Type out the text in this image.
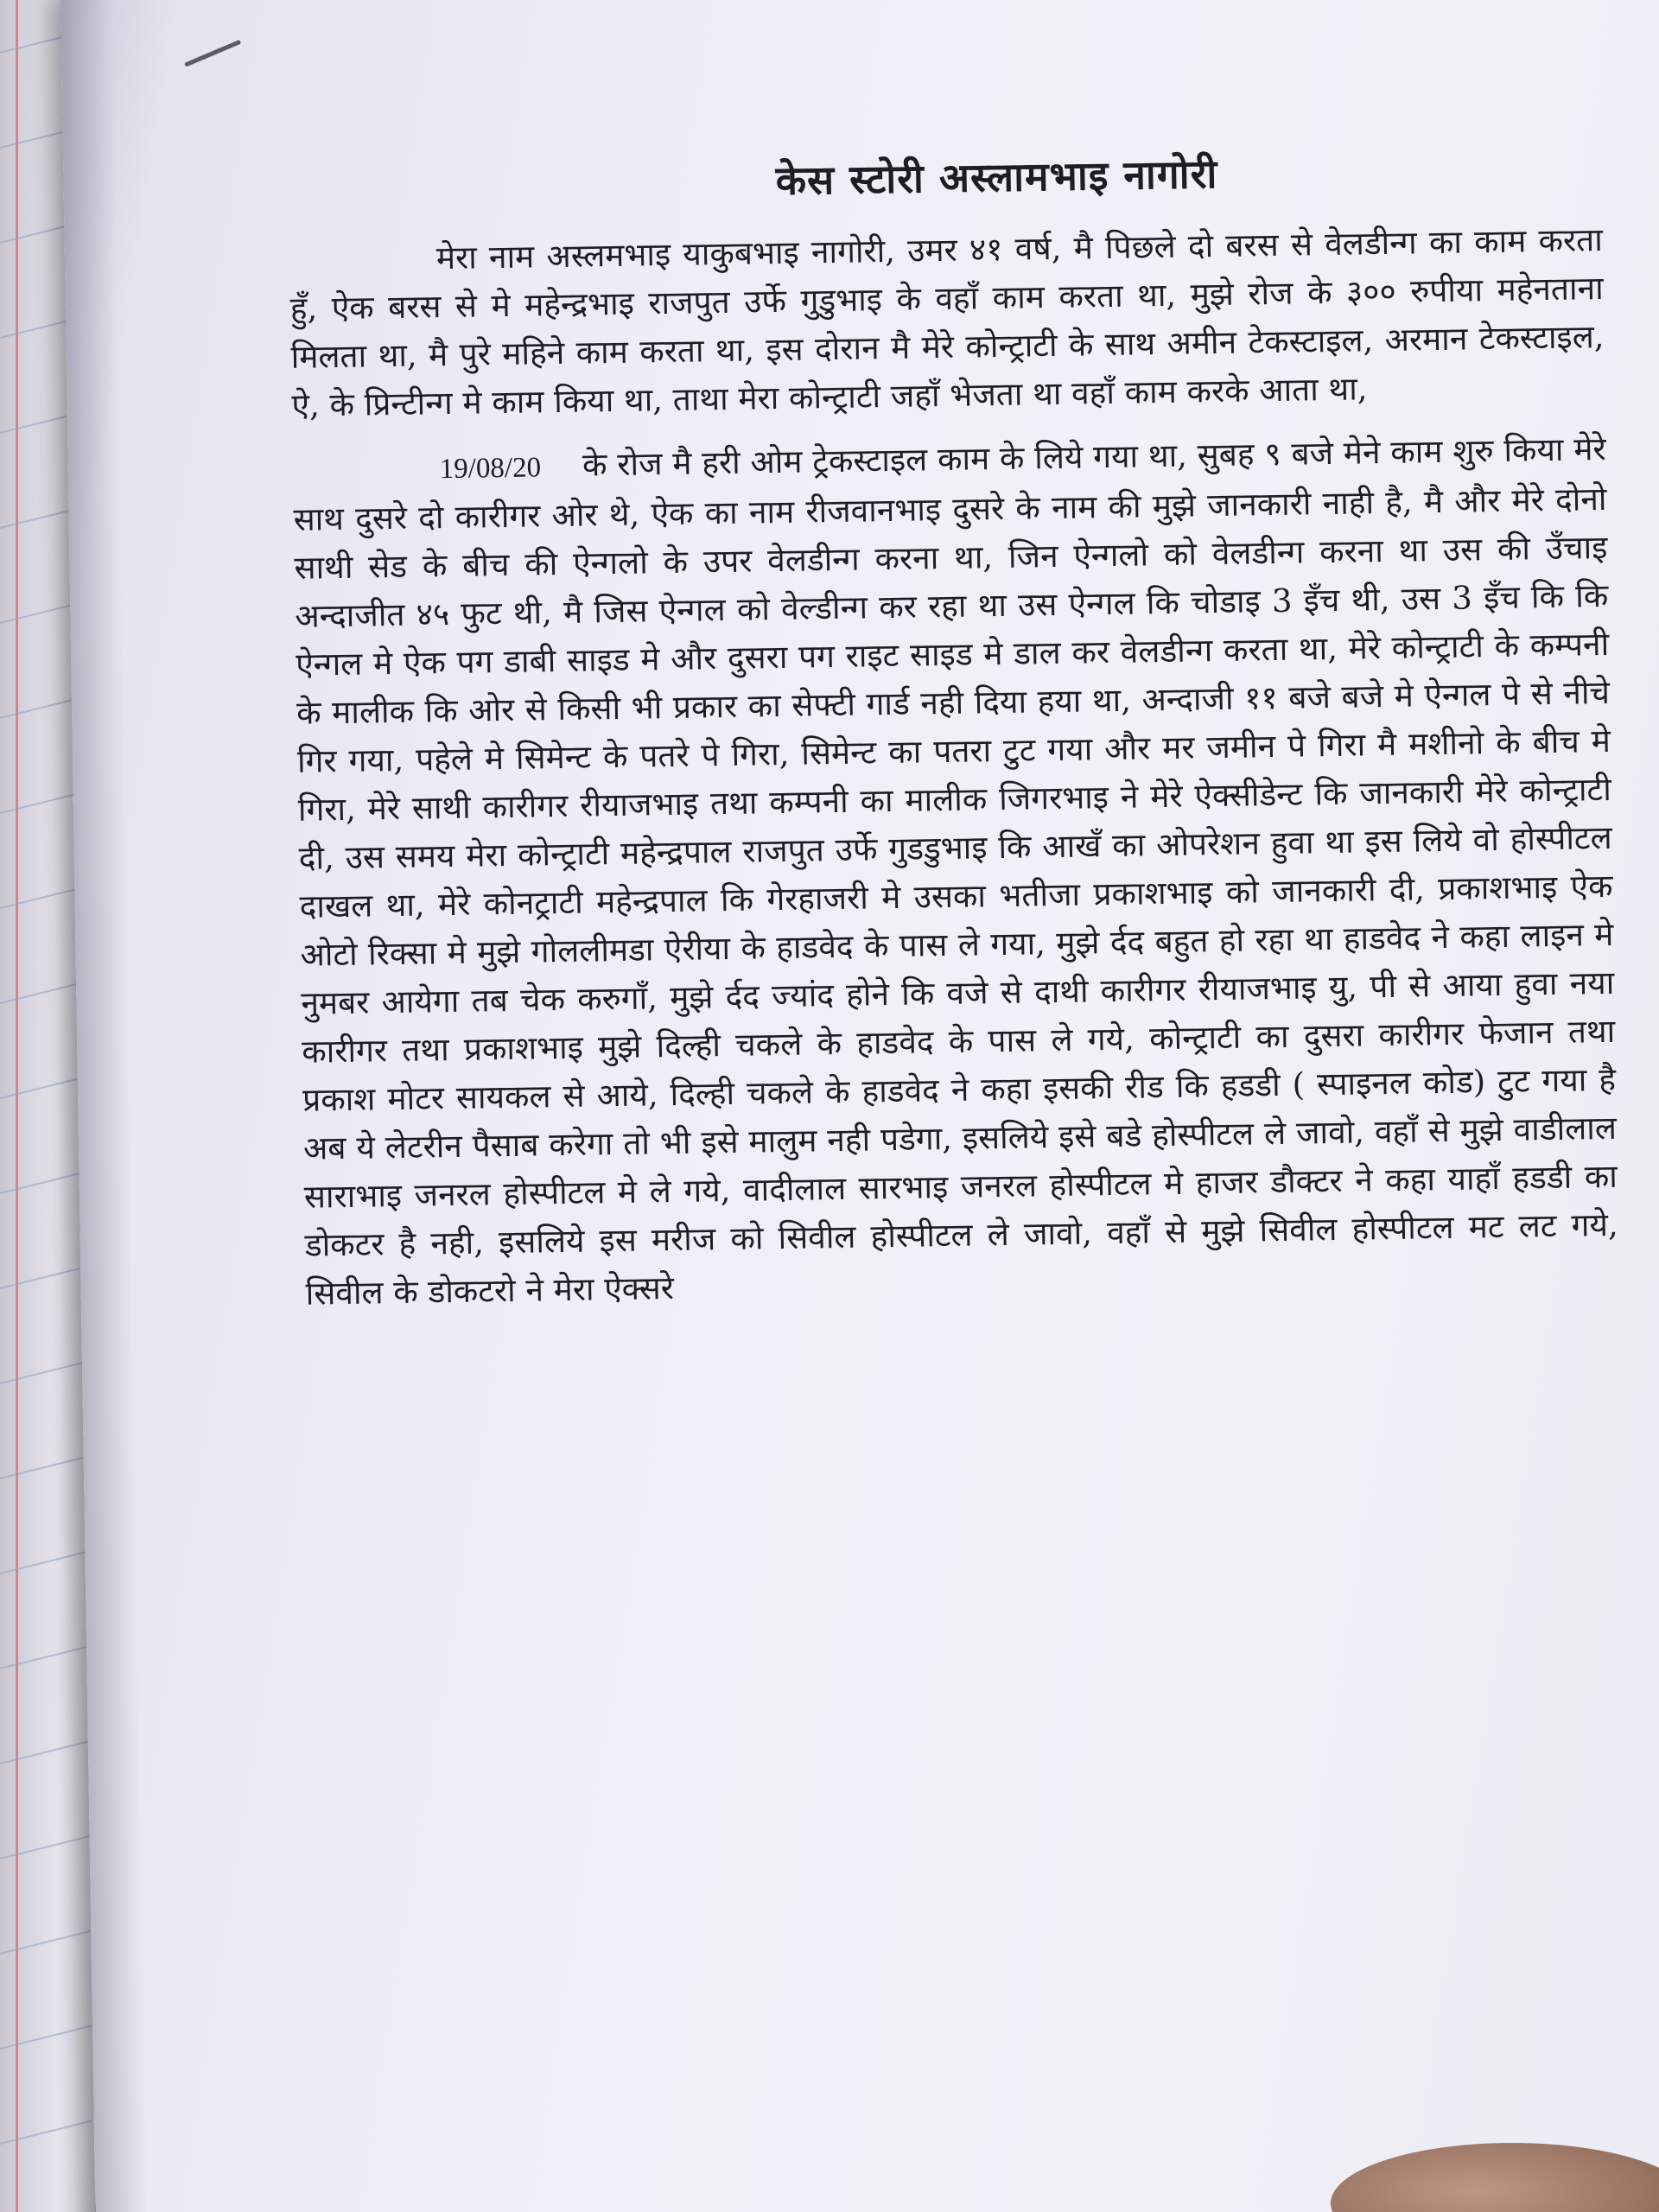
केस स्टोरी अस्लामभाइ नागोरी

मेरा नाम अस्लमभाइ याकुबभाइ नागोरी, उमर ४१ वर्ष, मै पिछले दो बरस से वेलडीन्ग का काम करता हुँ, ऐक बरस से मे महेन्द्रभाइ राजपुत उर्फे गुडुभाइ के वहाँ काम करता था, मुझे रोज के ३०० रुपीया महेनताना मिलता था, मै पुरे महिने काम करता था, इस दोरान मै मेरे कोन्ट्राटी के साथ अमीन टेकस्टाइल, अरमान टेकस्टाइल, ऐ, के प्रिन्टीन्ग मे काम किया था, ताथा मेरा कोन्ट्राटी जहाँ भेजता था वहाँ काम करके आता था,

19/08/20 के रोज मै हरी ओम ट्रेकस्टाइल काम के लिये गया था, सुबह ९ बजे मेने काम शुरु किया मेरे साथ दुसरे दो कारीगर ओर थे, ऐक का नाम रीजवानभाइ दुसरे के नाम की मुझे जानकारी नाही है, मै और मेरे दोनो साथी सेड के बीच की ऐन्गलो के उपर वेलडीन्ग करना था, जिन ऐन्गलो को वेलडीन्ग करना था उस की उँचाइ अन्दाजीत ४५ फुट थी, मै जिस ऐन्गल को वेल्डीन्ग कर रहा था उस ऐन्गल कि चोडाइ 3 इँच थी, उस 3 इँच कि कि ऐन्गल मे ऐक पग डाबी साइड मे और दुसरा पग राइट साइड मे डाल कर वेलडीन्ग करता था, मेरे कोन्ट्राटी के कम्पनी के मालीक कि ओर से किसी भी प्रकार का सेफ्टी गार्ड नही दिया हया था, अन्दाजी ११ बजे बजे मे ऐन्गल पे से नीचे गिर गया, पहेले मे सिमेन्ट के पतरे पे गिरा, सिमेन्ट का पतरा टुट गया और मर जमीन पे गिरा मै मशीनो के बीच मे गिरा, मेरे साथी कारीगर रीयाजभाइ तथा कम्पनी का मालीक जिगरभाइ ने मेरे ऐक्सीडेन्ट कि जानकारी मेरे कोन्ट्राटी दी, उस समय मेरा कोन्ट्राटी महेन्द्रपाल राजपुत उर्फे गुडडुभाइ कि आखँ का ओपरेशन हुवा था इस लिये वो होस्पीटल दाखल था, मेरे कोनट्राटी महेन्द्रपाल कि गेरहाजरी मे उसका भतीजा प्रकाशभाइ को जानकारी दी, प्रकाशभाइ ऐक ओटो रिक्सा मे मुझे गोललीमडा ऐरीया के हाडवेद के पास ले गया, मुझे र्दद बहुत हो रहा था हाडवेद ने कहा लाइन मे नुमबर आयेगा तब चेक करुगाँ, मुझे र्दद ज्यांद होने कि वजे से दाथी कारीगर रीयाजभाइ यु, पी से आया हुवा नया कारीगर तथा प्रकाशभाइ मुझे दिल्ही चकले के हाडवेद के पास ले गये, कोन्ट्राटी का दुसरा कारीगर फेजान तथा प्रकाश मोटर सायकल से आये, दिल्ही चकले के हाडवेद ने कहा इसकी रीड कि हडडी ( स्पाइनल कोड) टुट गया है अब ये लेटरीन पैसाब करेगा तो भी इसे मालुम नही पडेगा, इसलिये इसे बडे होस्पीटल ले जावो, वहाँ से मुझे वाडीलाल साराभाइ जनरल होस्पीटल मे ले गये, वादीलाल सारभाइ जनरल होस्पीटल मे हाजर डौक्टर ने कहा याहाँ हडडी का डोकटर है नही, इसलिये इस मरीज को सिवील होस्पीटल ले जावो, वहाँ से मुझे सिवील होस्पीटल मट लट गये, सिवील के डोकटरो ने मेरा ऐक्सरे
